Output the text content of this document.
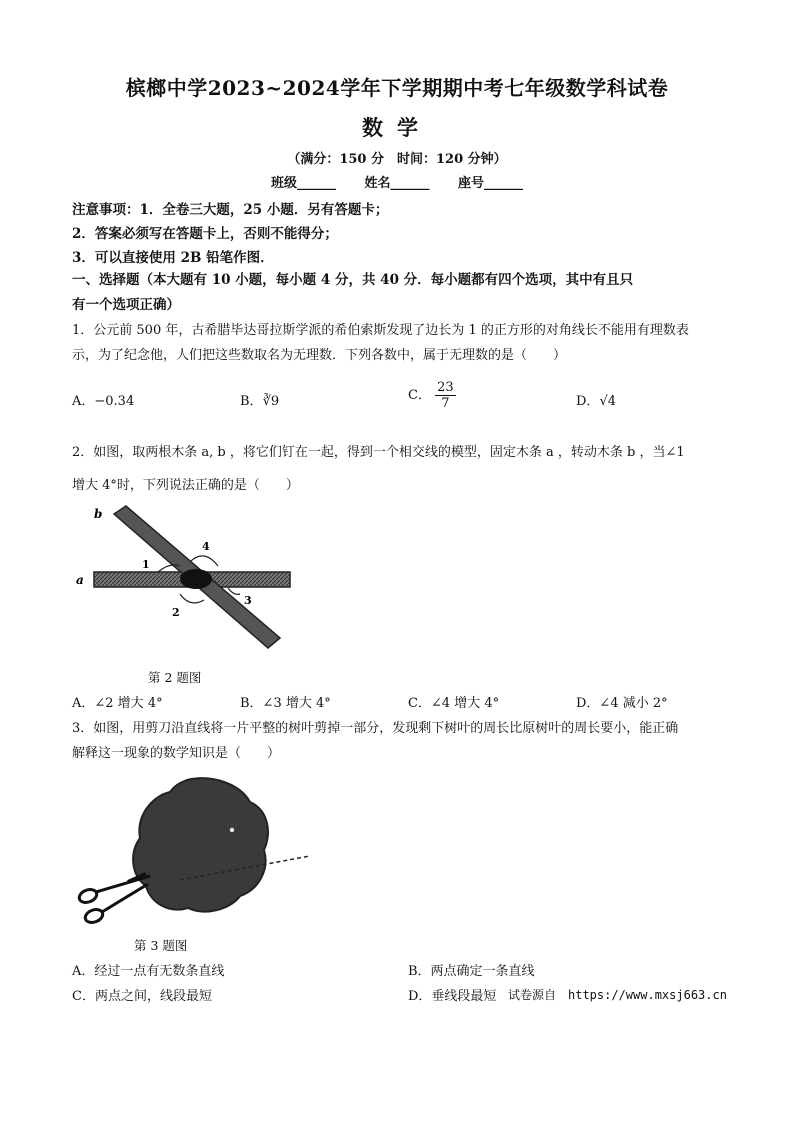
槟榔中学2023~2024学年下学期期中考七年级数学科试卷
数学
（满分：150 分　时间：120 分钟）
班级______ 姓名______ 座号______
注意事项：1．全卷三大题，25 小题．另有答题卡；
2．答案必须写在答题卡上，否则不能得分；
3．可以直接使用 2B 铅笔作图．
一、选择题（本大题有 10 小题，每小题 4 分，共 40 分．每小题都有四个选项，其中有且只
有一个选项正确）
1．公元前 500 年，古希腊毕达哥拉斯学派的希伯索斯发现了边长为 1 的正方形的对角线长不能用有理数表
示，为了纪念他，人们把这些数取名为无理数．下列各数中，属于无理数的是（　　）
A．−0.34	B．∛9	C． $\frac{23}{7}$	D．√4
2．如图，取两根木条 a, b ，将它们钉在一起，得到一个相交线的模型，固定木条 a ，转动木条 b ，当∠1
增大 4°时，下列说法正确的是（　　）
b
a
1
2
3
4
第 2 题图
A．∠2 增大 4°	B．∠3 增大 4°	C．∠4 增大 4°	D．∠4 减小 2°
3．如图，用剪刀沿直线将一片平整的树叶剪掉一部分，发现剩下树叶的周长比原树叶的周长要小，能正确
解释这一现象的数学知识是（　　）
第 3 题图
A．经过一点有无数条直线	B．两点确定一条直线
C．两点之间，线段最短	D．垂线段最短 试卷源自　https://www.mxsj663.cn
